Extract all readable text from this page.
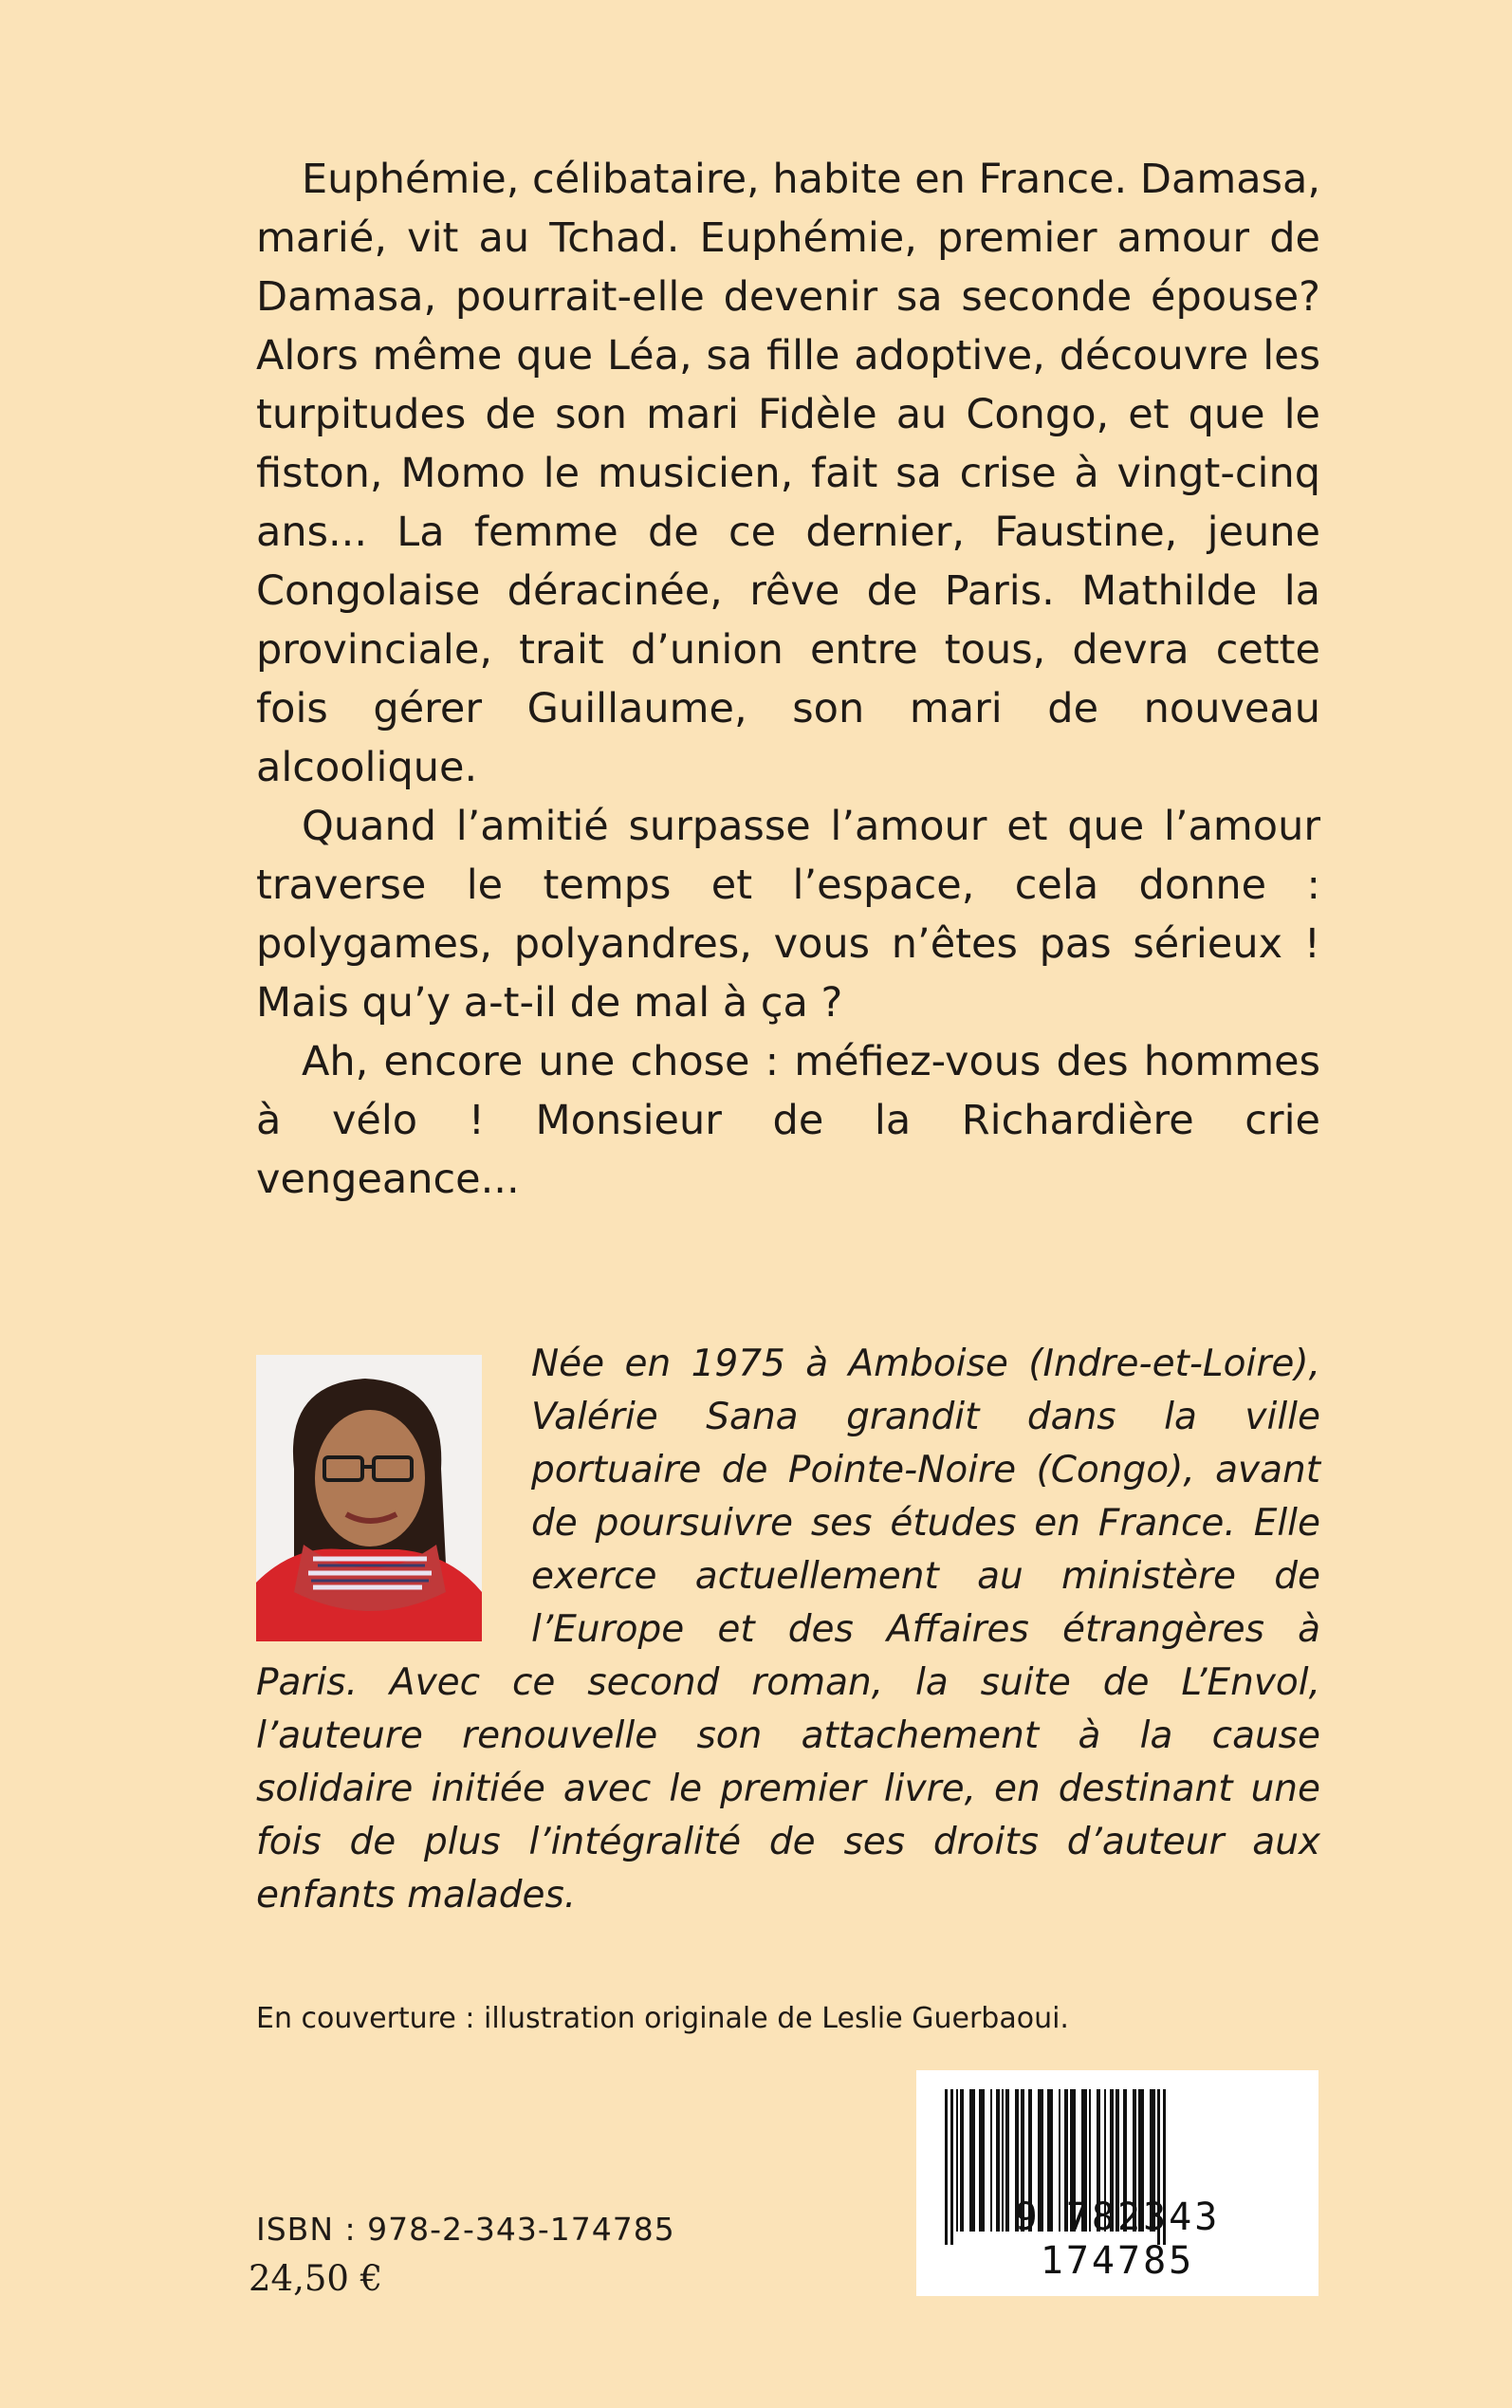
Euphémie, célibataire, habite en France. Damasa, marié, vit au Tchad. Euphémie, premier amour de Damasa, pourrait-elle devenir sa seconde épouse? Alors même que Léa, sa fille adoptive, découvre les turpitudes de son mari Fidèle au Congo, et que le fiston, Momo le musicien, fait sa crise à vingt-cinq ans... La femme de ce dernier, Faustine, jeune Congolaise déracinée, rêve de Paris. Mathilde la provinciale, trait d’union entre tous, devra cette fois gérer Guillaume, son mari de nouveau alcoolique.

Quand l’amitié surpasse l’amour et que l’amour traverse le temps et l’espace, cela donne : polygames, polyandres, vous n’êtes pas sérieux ! Mais qu’y a-t-il de mal à ça ?

Ah, encore une chose : méfiez-vous des hommes à vélo ! Monsieur de la Richardière crie vengeance...

Née en 1975 à Amboise (Indre-et-Loire), Valérie Sana grandit dans la ville portuaire de Pointe-Noire (Congo), avant de poursuivre ses études en France. Elle exerce actuellement au ministère de l’Europe et des Affaires étrangères à Paris. Avec ce second roman, la suite de L’Envol, l’auteure renouvelle son attachement à la cause solidaire initiée avec le premier livre, en destinant une fois de plus l’intégralité de ses droits d’auteur aux enfants malades.
En couverture : illustration originale de Leslie Guerbaoui.
9 782343 174785
ISBN : 978-2-343-174785
24,50 €
